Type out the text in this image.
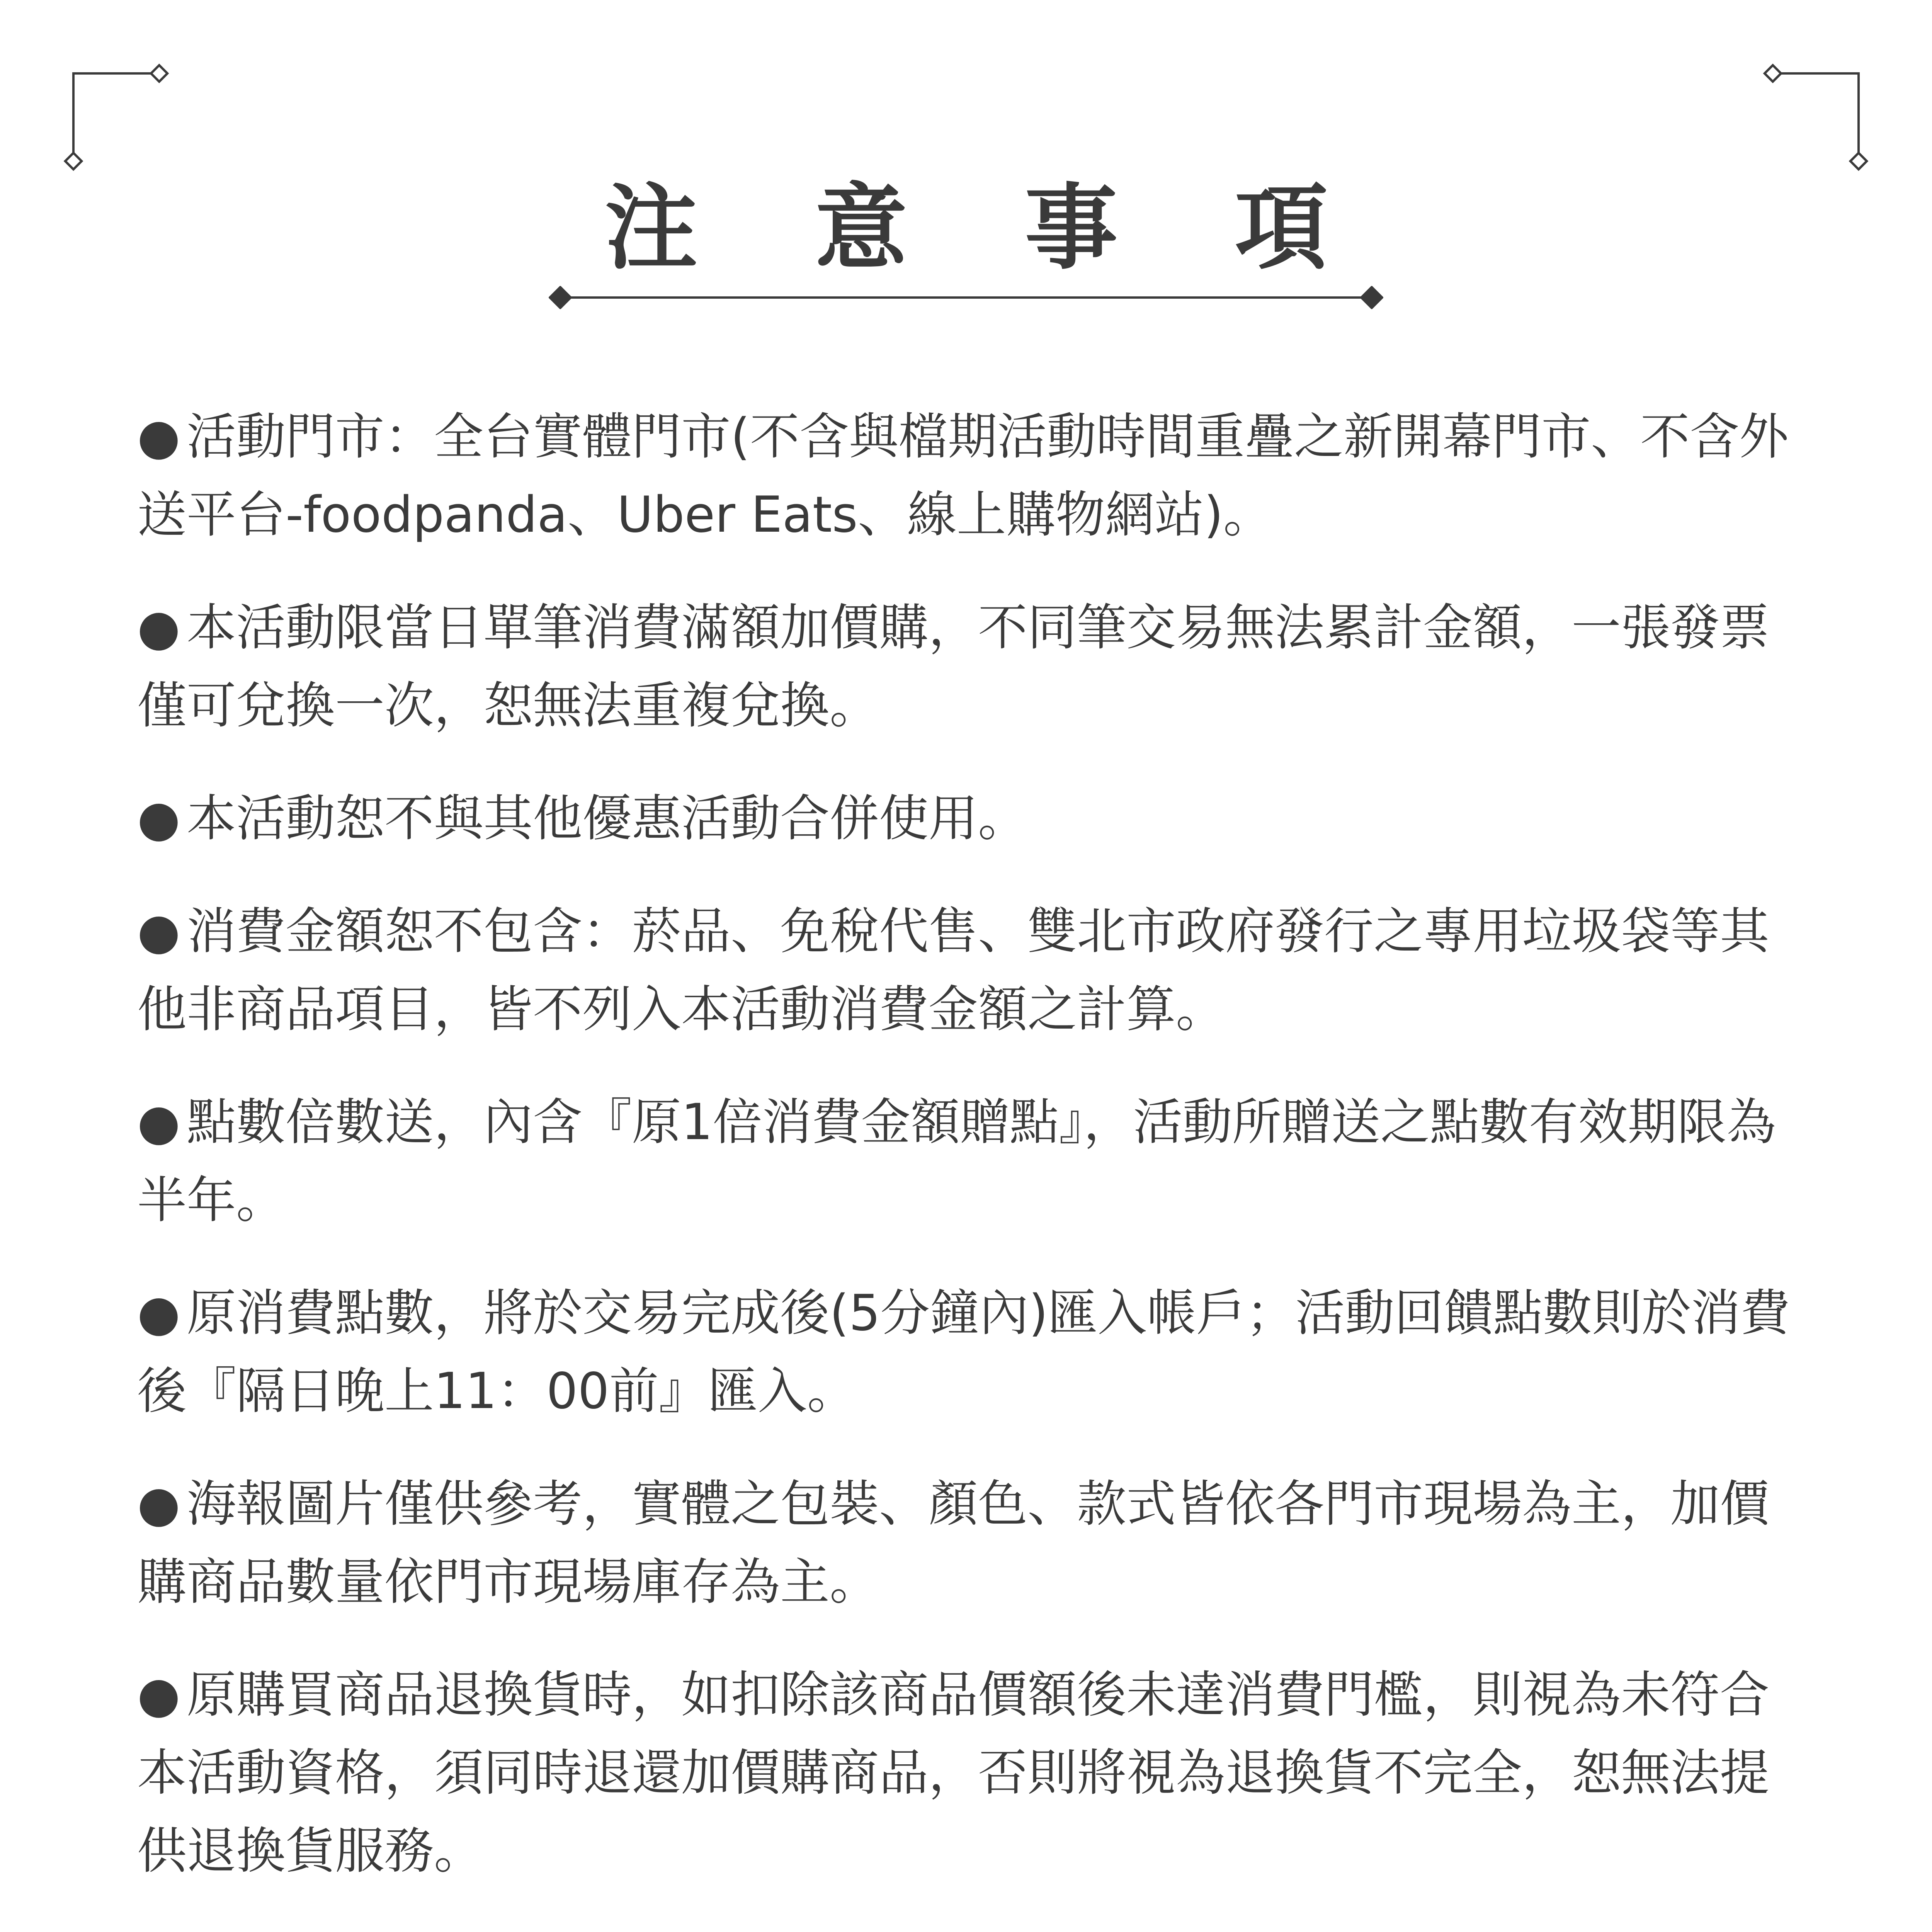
注 意 事 項
● 活動門市：全台實體門市(不含與檔期活動時間重疊之新開幕門市、不含外送平台-foodpanda、Uber Eats、線上購物網站)。
● 本活動限當日單筆消費滿額加價購，不同筆交易無法累計金額，一張發票僅可兌換一次，恕無法重複兌換。
● 本活動恕不與其他優惠活動合併使用。
● 消費金額恕不包含：菸品、免稅代售、雙北市政府發行之專用垃圾袋等其他非商品項目，皆不列入本活動消費金額之計算。
● 點數倍數送，內含『原1倍消費金額贈點』，活動所贈送之點數有效期限為半年。
● 原消費點數，將於交易完成後(5分鐘內)匯入帳戶；活動回饋點數則於消費後『隔日晚上11：00前』匯入。
● 海報圖片僅供參考，實體之包裝、顏色、款式皆依各門市現場為主，加價購商品數量依門市現場庫存為主。
● 原購買商品退換貨時，如扣除該商品價額後未達消費門檻，則視為未符合本活動資格，須同時退還加價購商品，否則將視為退換貨不完全，恕無法提供退換貨服務。
